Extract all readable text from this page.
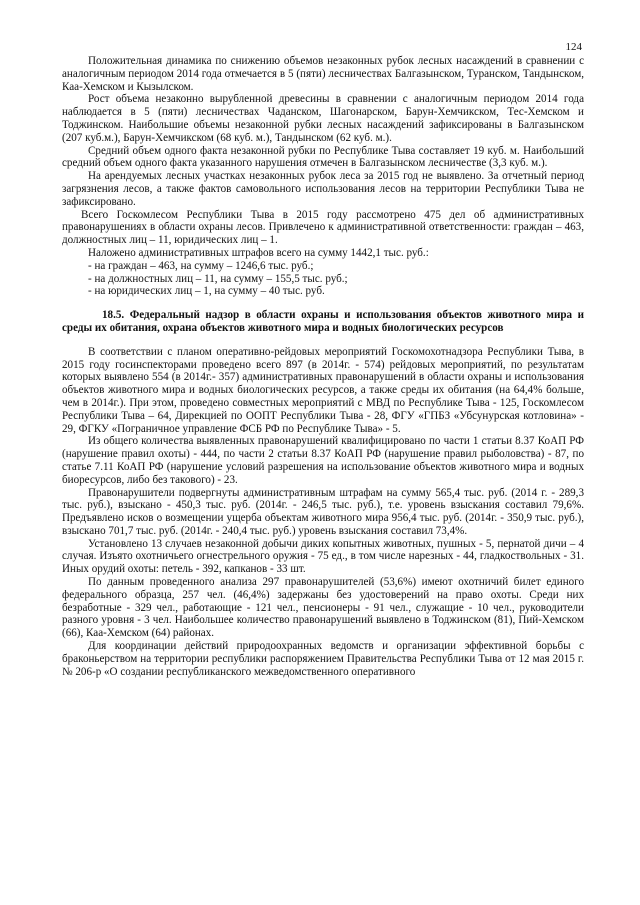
124

Положительная динамика по снижению объемов незаконных рубок лесных насаждений в сравнении с аналогичным периодом 2014 года отмечается в 5 (пяти) лесничествах Балгазынском, Туранском, Тандынском, Каа-Хемском и Кызылском.

Рост объема незаконно вырубленной древесины в сравнении с аналогичным периодом 2014 года наблюдается в 5 (пяти) лесничествах Чаданском, Шагонарском, Барун-Хемчикском, Тес-Хемском и Тоджинском. Наибольшие объемы незаконной рубки лесных насаждений зафиксированы в Балгазынском (207 куб.м.), Барун-Хемчикском (68 куб. м.), Тандынском (62 куб. м.).

Средний объем одного факта незаконной рубки по Республике Тыва составляет 19 куб. м. Наибольший средний объем одного факта указанного нарушения отмечен в Балгазынском лесничестве (3,3 куб. м.).

На арендуемых лесных участках незаконных рубок леса за 2015 год не выявлено. За отчетный период загрязнения лесов, а также фактов самовольного использования лесов на территории Республики Тыва не зафиксировано.

Всего Госкомлесом Республики Тыва в 2015 году рассмотрено 475 дел об административных правонарушениях в области охраны лесов. Привлечено к административной ответственности: граждан – 463, должностных лиц – 11, юридических лиц – 1.

Наложено административных штрафов всего на сумму 1442,1 тыс. руб.:

- на граждан – 463, на сумму – 1246,6 тыс. руб.;

- на должностных лиц – 11, на сумму – 155,5 тыс. руб.;

- на юридических лиц – 1, на сумму – 40 тыс. руб.

18.5. Федеральный надзор в области охраны и использования объектов животного мира и среды их обитания, охрана объектов животного мира и водных биологических ресурсов

В соответствии с планом оперативно-рейдовых мероприятий Госкомохотнадзора Республики Тыва, в 2015 году госинспекторами проведено всего 897 (в 2014г. - 574) рейдовых мероприятий, по результатам которых выявлено 554 (в 2014г.- 357) административных правонарушений в области охраны и использования объектов животного мира и водных биологических ресурсов, а также среды их обитания (на 64,4% больше, чем в 2014г.). При этом, проведено совместных мероприятий с МВД по Республике Тыва - 125, Госкомлесом Республики Тыва – 64, Дирекцией по ООПТ Республики Тыва - 28, ФГУ «ГПБЗ «Убсунурская котловина» - 29, ФГКУ «Пограничное управление ФСБ РФ по Республике Тыва» - 5.

Из общего количества выявленных правонарушений квалифицировано по части 1 статьи 8.37 КоАП РФ (нарушение правил охоты) - 444, по части 2 статьи 8.37 КоАП РФ (нарушение правил рыболовства) - 87, по статье 7.11 КоАП РФ (нарушение условий разрешения на использование объектов животного мира и водных биоресурсов, либо без такового) - 23.

Правонарушители подвергнуты административным штрафам на сумму 565,4 тыс. руб. (2014 г. - 289,3 тыс. руб.), взыскано - 450,3 тыс. руб. (2014г. - 246,5 тыс. руб.), т.е. уровень взыскания составил 79,6%. Предъявлено исков о возмещении ущерба объектам животного мира 956,4 тыс. руб. (2014г. - 350,9 тыс. руб.), взыскано 701,7 тыс. руб. (2014г. - 240,4 тыс. руб.) уровень взыскания составил 73,4%.

Установлено 13 случаев незаконной добычи диких копытных животных, пушных - 5, пернатой дичи – 4 случая. Изъято охотничьего огнестрельного оружия - 75 ед., в том числе нарезных - 44, гладкоствольных - 31. Иных орудий охоты: петель - 392, капканов - 33 шт.

По данным проведенного анализа 297 правонарушителей (53,6%) имеют охотничий билет единого федерального образца, 257 чел. (46,4%) задержаны без удостоверений на право охоты. Среди них безработные - 329 чел., работающие - 121 чел., пенсионеры - 91 чел., служащие - 10 чел., руководители разного уровня - 3 чел. Наибольшее количество правонарушений выявлено в Тоджинском (81), Пий-Хемском (66), Каа-Хемском (64) районах.

Для координации действий природоохранных ведомств и организации эффективной борьбы с браконьерством на территории республики распоряжением Правительства Республики Тыва от 12 мая 2015 г. № 206-р «О создании республиканского межведомственного оперативного
